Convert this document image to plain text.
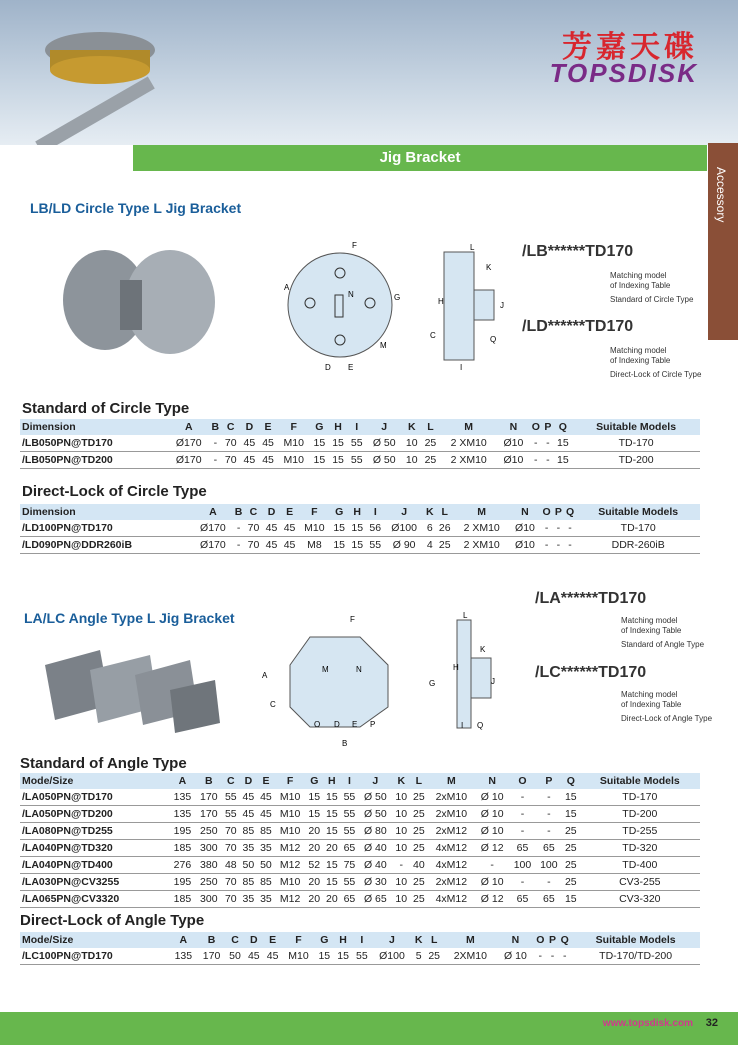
芳嘉天碟
TOPSDISK
Jig Bracket
Accessory
LB/LD Circle Type L Jig Bracket
F
A
N	G
M
D E
L
K
H	J
C	Q
I
/LB******TD170
Matching model
of Indexing Table
Standard of Circle Type
/LD******TD170
Matching model
of Indexing Table
Direct-Lock of Circle Type
Standard of Circle Type
Dimension	A	B	C	D	E	F	G	H	I	J	K	L	M	N	O	P	Q	Suitable Models
/LB050PN@TD170	Ø170	-	70	45	45	M10	15	15	55	Ø 50	10	25	2 XM10	Ø10	-	-	15	TD-170
/LB050PN@TD200	Ø170	-	70	45	45	M10	15	15	55	Ø 50	10	25	2 XM10	Ø10	-	-	15	TD-200
Direct-Lock of Circle Type
Dimension	A	B	C	D	E	F	G	H	I	J	K	L	M	N	O	P	Q	Suitable Models
/LD100PN@TD170	Ø170	-	70	45	45	M10	15	15	56	Ø100	6	26	2 XM10	Ø10	-	-	-	TD-170
/LD090PN@DDR260iB	Ø170	-	70	45	45	M8	15	15	55	Ø 90	4	25	2 XM10	Ø10	-	-	-	DDR-260iB
LA/LC Angle Type L Jig Bracket	F
M	N
A
C
O D E P
B
L
K
H
G	J
I Q
/LA******TD170
Matching model
of Indexing Table
Standard of Angle Type
/LC******TD170
Matching model
of Indexing Table
Direct-Lock of Angle Type
Standard of Angle Type
Mode/Size	A	B	C	D	E	F	G	H	I	J	K	L	M	N	O	P	Q	Suitable Models
/LA050PN@TD170	135	170	55	45	45	M10	15	15	55	Ø 50	10	25	2xM10	Ø 10	-	-	15	TD-170
/LA050PN@TD200	135	170	55	45	45	M10	15	15	55	Ø 50	10	25	2xM10	Ø 10	-	-	15	TD-200
/LA080PN@TD255	195	250	70	85	85	M10	20	15	55	Ø 80	10	25	2xM12	Ø 10	-	-	25	TD-255
/LA040PN@TD320	185	300	70	35	35	M12	20	20	65	Ø 40	10	25	4xM12	Ø 12	65	65	25	TD-320
/LA040PN@TD400	276	380	48	50	50	M12	52	15	75	Ø 40	-	40	4xM12	-	100	100	25	TD-400
/LA030PN@CV3255	195	250	70	85	85	M10	20	15	55	Ø 30	10	25	2xM12	Ø 10	-	-	25	CV3-255
/LA065PN@CV3320	185	300	70	35	35	M12	20	20	65	Ø 65	10	25	4xM12	Ø 12	65	65	15	CV3-320
Direct-Lock of Angle Type
Mode/Size	A	B	C	D	E	F	G	H	I	J	K	L	M	N	O	P	Q	Suitable Models
/LC100PN@TD170	135	170	50	45	45	M10	15	15	55	Ø100	5	25	2XM10	Ø 10	-	-	-	TD-170/TD-200
www.topsdisk.com 32
